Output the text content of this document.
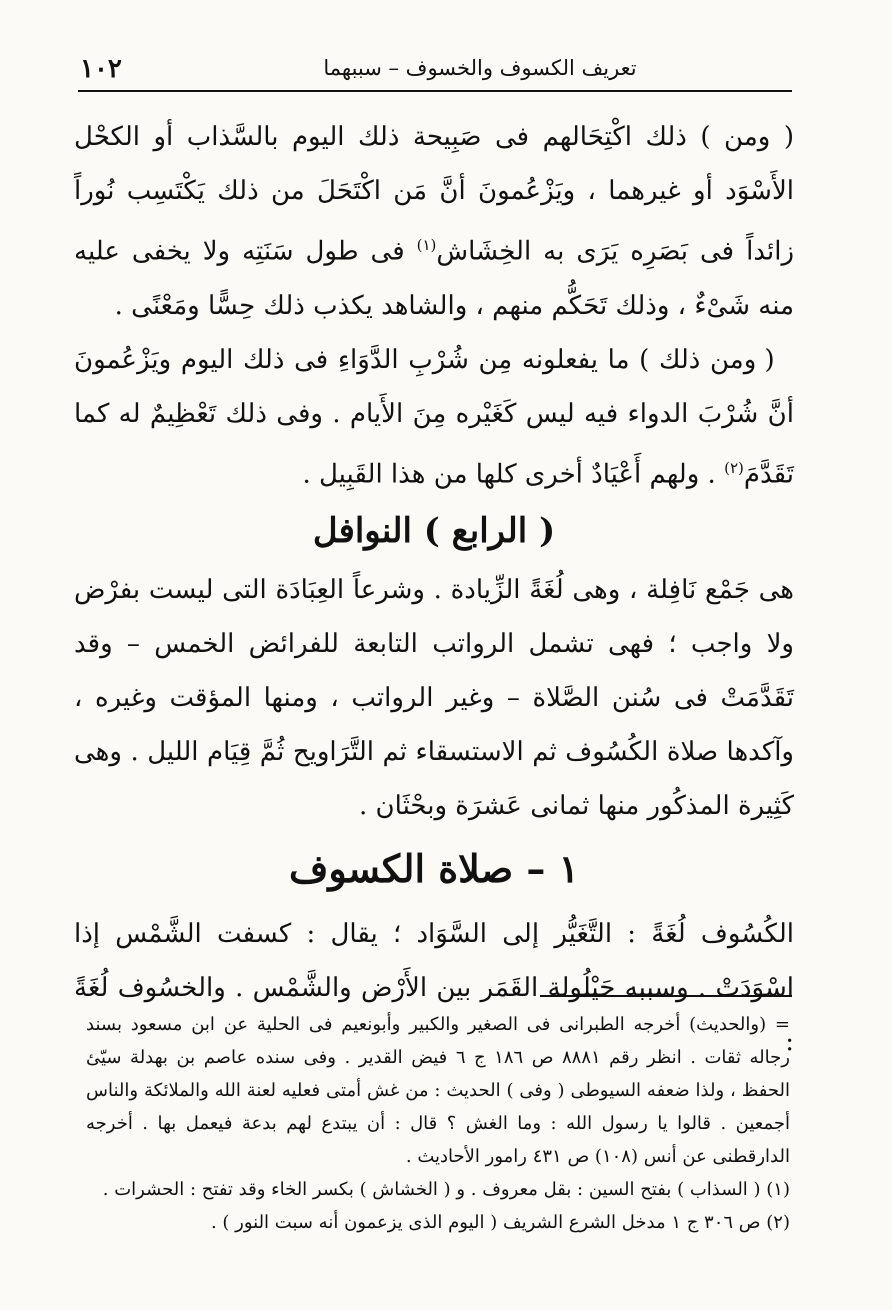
١٠٢	تعريف الكسوف والخسوف – سببهما

( ومن ) ذلك اكْتِحَالهم فى صَبِيحة ذلك اليوم بالسَّذاب أو الكحْل الأَسْوَد أو غيرهما ، ويَزْعُمونَ أنَّ مَن اكْتَحَلَ من ذلك يَكْتَسِب نُوراً زائداً فى بَصَرِه يَرَى به الخِشَاش$^{(١)}$ فى طول سَنَتِه ولا يخفى عليه منه شَىْءٌ ، وذلك تَحَكُّم منهم ، والشاهد يكذب ذلك حِسًّا ومَعْنًى .

( ومن ذلك ) ما يفعلونه مِن شُرْبِ الدَّوَاءِ فى ذلك اليوم ويَزْعُمونَ أنَّ شُرْبَ الدواء فيه ليس كَغَيْره مِنَ الأَيام . وفى ذلك تَعْظِيمٌ له كما تَقَدَّمَ$^{(٢)}$ . ولهم أَعْيَادٌ أخرى كلها من هذا القَبِيل .

( الرابع ) النوافل

هى جَمْع نَافِلة ، وهى لُغَةً الزِّيادة . وشرعاً العِبَادَة التى ليست بفرْض ولا واجب ؛ فهى تشمل الرواتب التابعة للفرائض الخمس – وقد تَقَدَّمَتْ فى سُنن الصَّلاة – وغير الرواتب ، ومنها المؤقت وغيره ، وآكدها صلاة الكُسُوف ثم الاستسقاء ثم التَّرَاويح ثُمَّ قِيَام الليل . وهى كَثِيرة المذكُور منها ثمانى عَشرَة وبحْثَان .

١ – صلاة الكسوف

الكُسُوف لُغَةً : التَّغَيُّر إلى السَّوَاد ؛ يقال : كسفت الشَّمْس إذا اسْوَدَتْ . وسببه حَيْلُولة القَمَر بين الأَرْض والشَّمْس . والخسُوف لُغَةً :

= (والحديث) أخرجه الطبرانى فى الصغير والكبير وأبونعيم فى الحلية عن ابن مسعود بسند رجاله ثقات . انظر رقم ٨٨٨١ ص ١٨٦ ج ٦ فيض القدير . وفى سنده عاصم بن بهدلة سيّئ الحفظ ، ولذا ضعفه السيوطى ( وفى ) الحديث : من غش أمتى فعليه لعنة الله والملائكة والناس أجمعين . قالوا يا رسول الله : وما الغش ؟ قال : أن يبتدع لهم بدعة فيعمل بها . أخرجه الدارقطنى عن أنس (١٠٨) ص ٤٣١ رامور الأحاديث .

(١) ( السذاب ) بفتح السين : بقل معروف . و ( الخشاش ) بكسر الخاء وقد تفتح : الحشرات .

(٢) ص ٣٠٦ ج ١ مدخل الشرع الشريف ( اليوم الذى يزعمون أنه سبت النور ) .
